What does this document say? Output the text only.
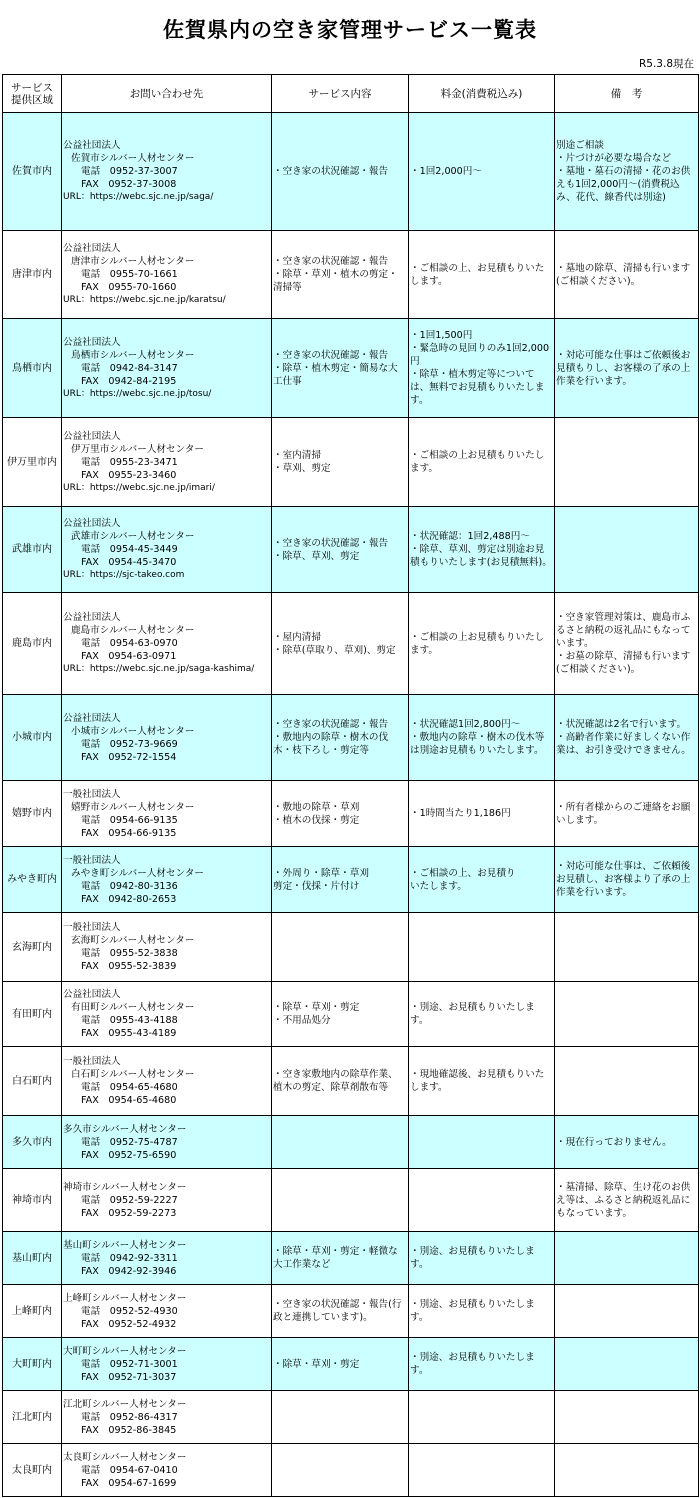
佐賀県内の空き家管理サービス一覧表
R5.3.8現在
サービス
提供区域	お問い合わせ先	サービス内容	料金(消費税込み)	備　考
佐賀市内	公益社団法人
佐賀市シルバー人材センター
電話　0952-37-3007
FAX　0952-37-3008
URL：https://webc.sjc.ne.jp/saga/	・空き家の状況確認・報告	・1回2,000円～	別途ご相談
・片づけが必要な場合など
・墓地・墓石の清掃・花のお供えも1回2,000円～(消費税込み、花代、線香代は別途)

唐津市内	公益社団法人
唐津市シルバー人材センター
電話　0955-70-1661
FAX　0955-70-1660
URL：https://webc.sjc.ne.jp/karatsu/	・空き家の状況確認・報告
・除草・草刈・植木の剪定・清掃等	・ご相談の上、お見積もりいたします。	・墓地の除草、清掃も行います(ご相談ください)。

鳥栖市内	公益社団法人
鳥栖市シルバー人材センター
電話　0942-84-3147
FAX　0942-84-2195
URL：https://webc.sjc.ne.jp/tosu/	・空き家の状況確認・報告
・除草・植木剪定・簡易な大工仕事	・1回1,500円
・緊急時の見回りのみ1回2,000円
・除草・植木剪定等については、無料でお見積もりいたします。	・対応可能な仕事はご依頼後お見積もりし、お客様の了承の上作業を行います。

伊万里市内	公益社団法人
伊万里市シルバー人材センター
電話　0955-23-3471
FAX　0955-23-3460
URL：https://webc.sjc.ne.jp/imari/	・室内清掃
・草刈、剪定	・ご相談の上お見積もりいたします。	

武雄市内	公益社団法人
武雄市シルバー人材センター
電話　0954-45-3449
FAX　0954-45-3470
URL：https://sjc-takeo.com	・空き家の状況確認・報告
・除草、草刈、剪定	・状況確認：1回2,488円～
・除草、草刈、剪定は別途お見積もりいたします(お見積無料)。	

鹿島市内	公益社団法人
鹿島市シルバー人材センター
電話　0954-63-0970
FAX　0954-63-0971
URL：https://webc.sjc.ne.jp/saga-kashima/	・屋内清掃
・除草(草取り、草刈)、剪定	・ご相談の上お見積もりいたします。	・空き家管理対策は、鹿島市ふるさと納税の返礼品にもなっています。
・お墓の除草、清掃も行います(ご相談ください)。

小城市内	公益社団法人
小城市シルバー人材センター
電話　0952-73-9669
FAX　0952-72-1554	・空き家の状況確認・報告
・敷地内の除草・樹木の伐木・枝下ろし・剪定等	・状況確認1回2,800円～
・敷地内の除草・樹木の伐木等は別途お見積もりいたします。	・状況確認は2名で行います。
・高齢者作業に好ましくない作業は、お引き受けできません。

嬉野市内	一般社団法人
嬉野市シルバー人材センター
電話　0954-66-9135
FAX　0954-66-9135	・敷地の除草・草刈
・植木の伐採・剪定	・1時間当たり1,186円	・所有者様からのご連絡をお願いします。

みやき町内	一般社団法人
みやき町シルバー人材センター
電話　0942-80-3136
FAX　0942-80-2653	・外周り・除草・草刈
剪定・伐採・片付け	・ご相談の上、お見積り
いたします。	・対応可能な仕事は、ご依頼後お見積し、お客様より了承の上作業を行います。

玄海町内	一般社団法人
玄海町シルバー人材センター
電話　0955-52-3838
FAX　0955-52-3839			

有田町内	公益社団法人
有田町シルバー人材センター
電話　0955-43-4188
FAX　0955-43-4189	・除草・草刈・剪定
・不用品処分	・別途、お見積もりいたします。	

白石町内	一般社団法人
白石町シルバー人材センター
電話　0954-65-4680
FAX　0954-65-4680	・空き家敷地内の除草作業、植木の剪定、除草剤散布等	・現地確認後、お見積もりいたします。	

多久市内	多久市シルバー人材センター
電話　0952-75-4787
FAX　0952-75-6590			・現在行っておりません。

神埼市内	神埼市シルバー人材センター
電話　0952-59-2227
FAX　0952-59-2273			・墓清掃、除草、生け花のお供え等は、ふるさと納税返礼品にもなっています。

基山町内	基山町シルバー人材センター
電話　0942-92-3311
FAX　0942-92-3946	・除草・草刈・剪定・軽微な大工作業など	・別途、お見積もりいたします。	

上峰町内	上峰町シルバー人材センター
電話　0952-52-4930
FAX　0952-52-4932	・空き家の状況確認・報告(行政と連携しています)。	・別途、お見積もりいたします。	

大町町内	大町町シルバー人材センター
電話　0952-71-3001
FAX　0952-71-3037	・除草・草刈・剪定	・別途、お見積もりいたします。	

江北町内	江北町シルバー人材センター
電話　0952-86-4317
FAX　0952-86-3845			

太良町内	太良町シルバー人材センター
電話　0954-67-0410
FAX　0954-67-1699			
